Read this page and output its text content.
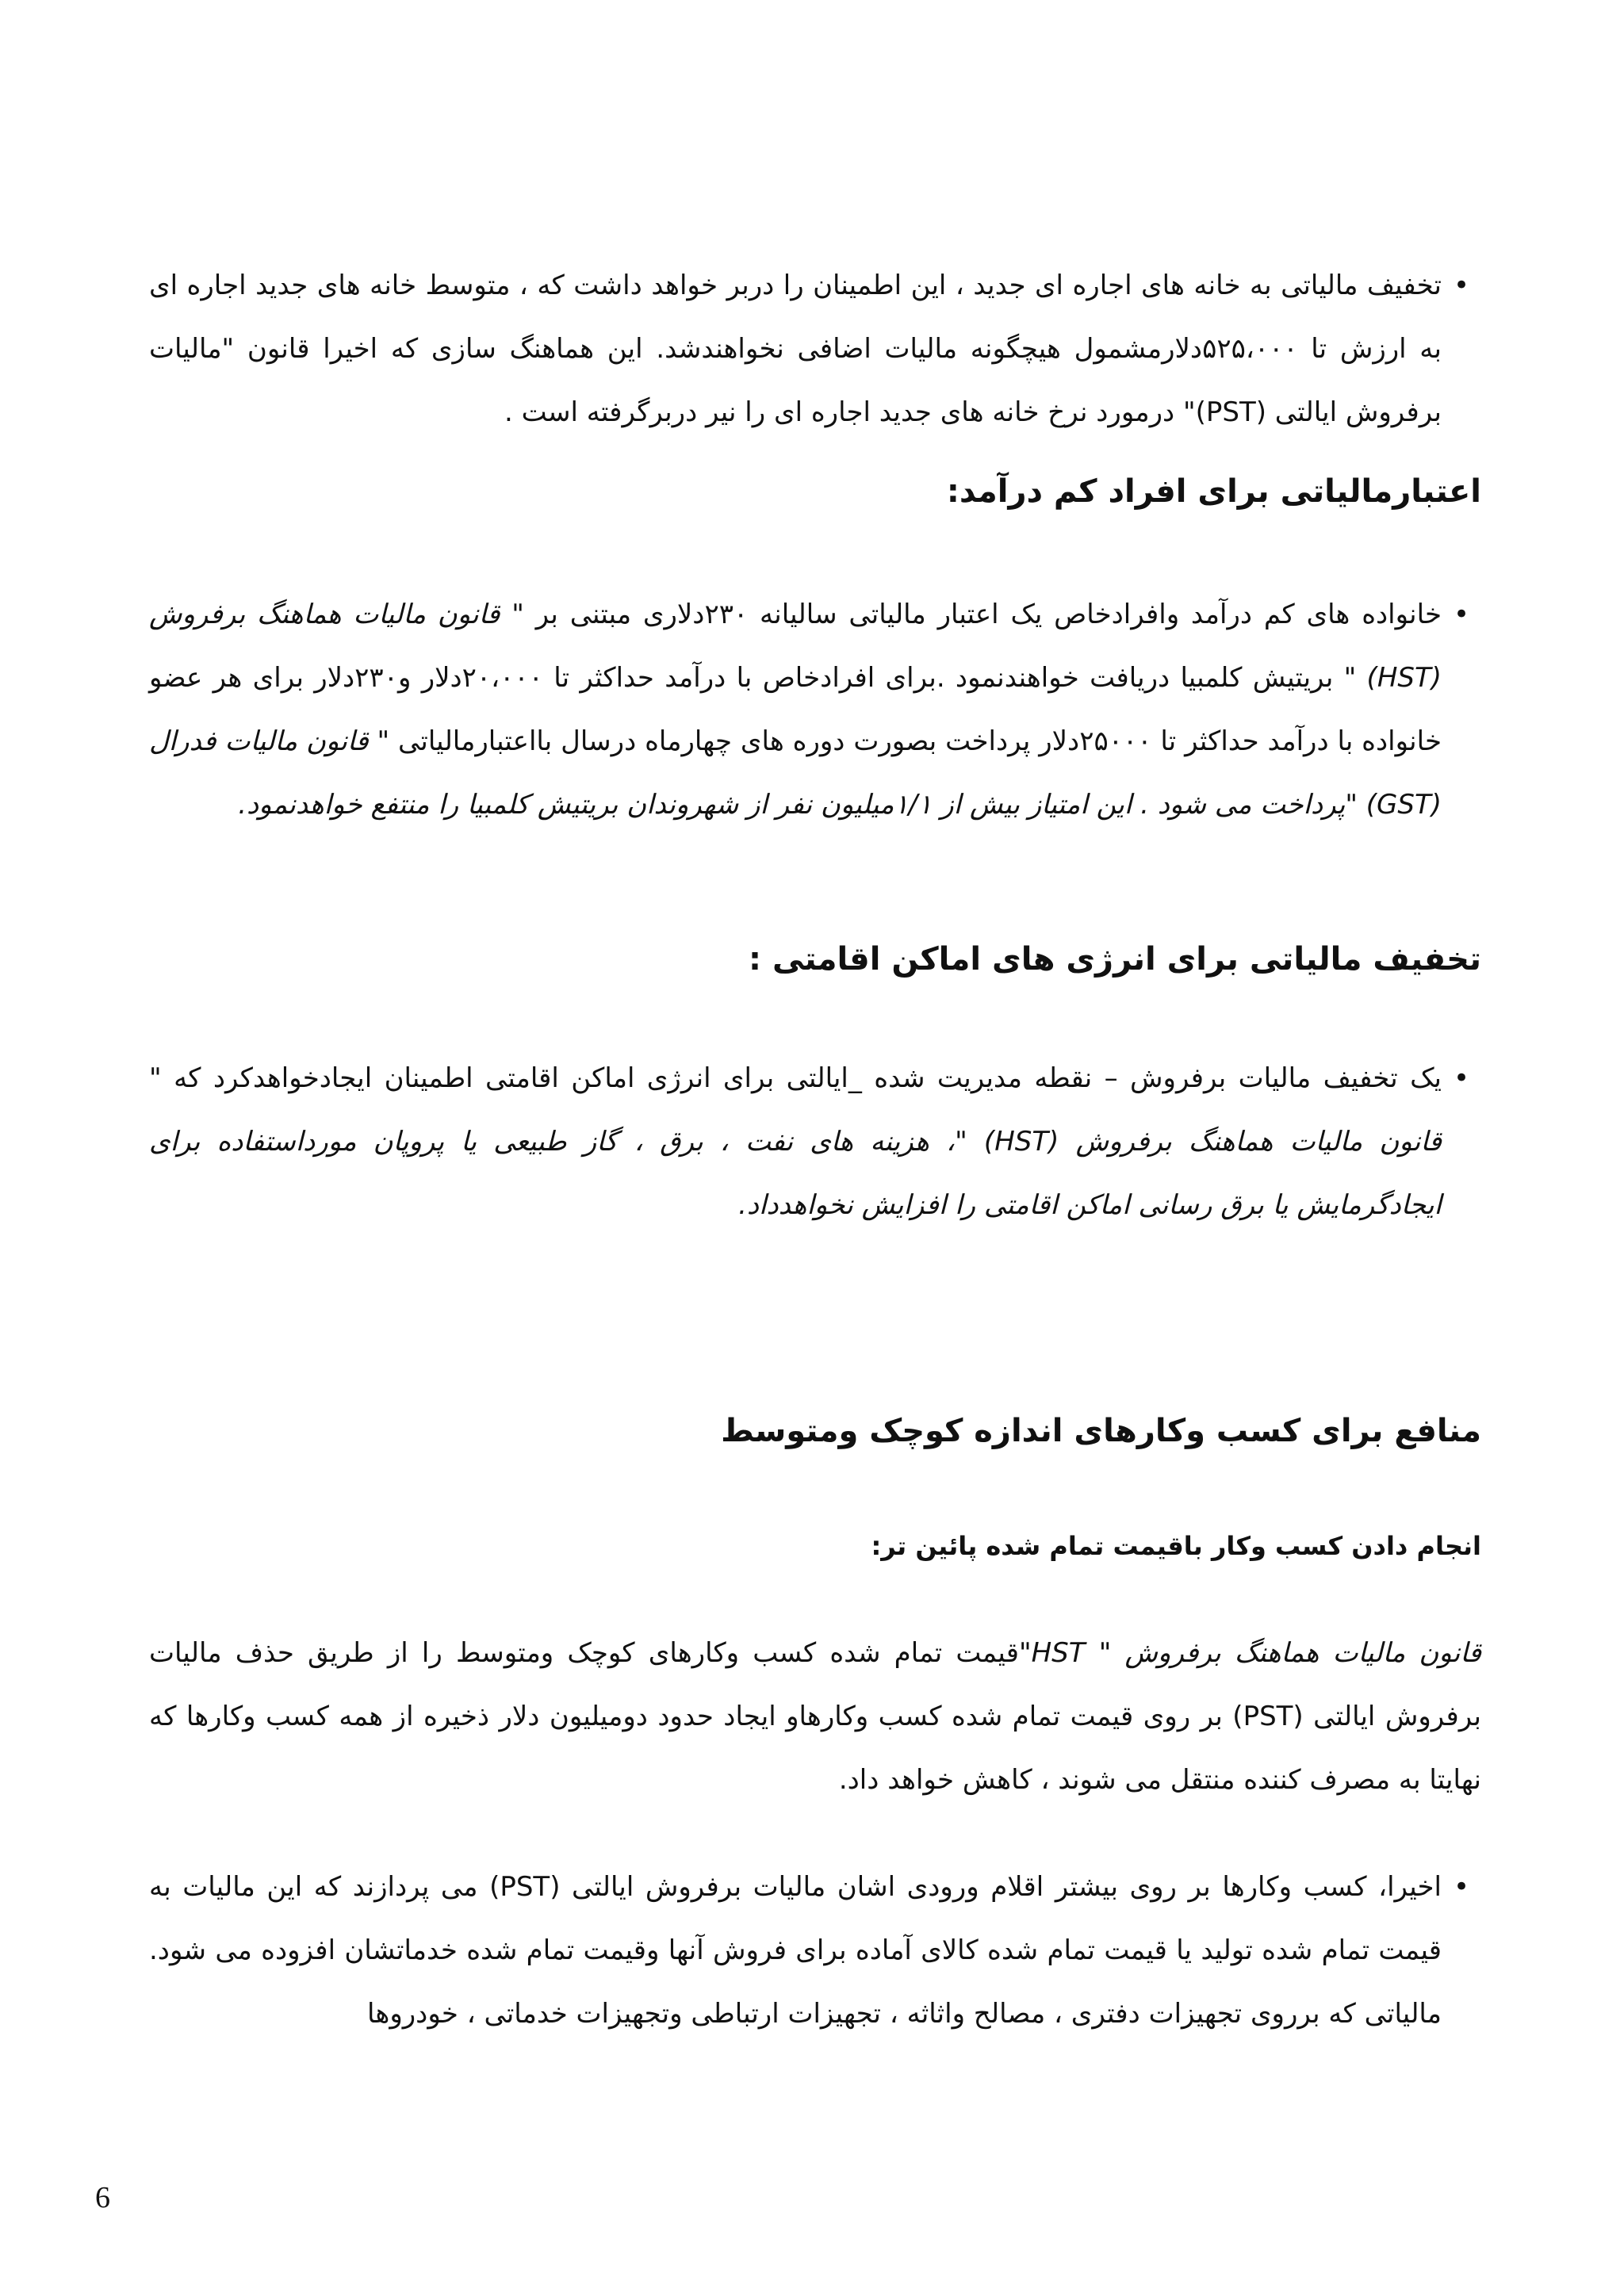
•
تخفیف مالیاتی به خانه های اجاره ای جدید ، این اطمینان را دربر خواهد داشت که ، متوسط خانه های جدید اجاره ای به ارزش تا ۵۲۵،۰۰۰دلارمشمول هیچگونه مالیات اضافی نخواهندشد. این هماهنگ سازی که اخیرا قانون "مالیات برفروش ایالتی (PST)" درمورد نرخ خانه های جدید اجاره ای را نیر دربرگرفته است .
اعتبارمالیاتی برای افراد کم درآمد:
•
خانواده های کم درآمد وافرادخاص یک اعتبار مالیاتی سالیانه ۲۳۰دلاری مبتنی بر " قانون مالیات هماهنگ برفروش (HST) " بریتیش کلمبیا دریافت خواهندنمود .برای افرادخاص با درآمد حداکثر تا ۲۰،۰۰۰دلار و۲۳۰دلار برای هر عضو خانواده با درآمد حداکثر تا ۲۵۰۰۰دلار پرداخت بصورت دوره های چهارماه درسال بااعتبارمالیاتی " قانون مالیات فدرال (GST) "پرداخت می شود . این امتیاز بیش از ۱/۱میلیون نفر از شهروندان بریتیش کلمبیا را منتفع خواهدنمود.
تخفیف مالیاتی برای انرژی های اماکن اقامتی :
•
یک تخفیف مالیات برفروش – نقطه مدیریت شده _ایالتی برای انرژی اماکن اقامتی اطمینان ایجادخواهدکرد که " قانون مالیات هماهنگ برفروش (HST) "، هزینه های نفت ، برق ، گاز طبیعی یا پروپان مورداستفاده برای ایجادگرمایش یا برق رسانی اماکن اقامتی را افزایش نخواهدداد.
منافع برای کسب وکارهای اندازه کوچک ومتوسط
انجام دادن کسب وکار باقیمت تمام شده پائین تر:

قانون مالیات هماهنگ برفروش " HST"قیمت تمام شده کسب وکارهای کوچک ومتوسط را از طریق حذف مالیات برفروش ایالتی (PST) بر روی قیمت تمام شده کسب وکارهاو ایجاد حدود دومیلیون دلار ذخیره از همه کسب وکارها که نهایتا به مصرف کننده منتقل می شوند ، کاهش خواهد داد.

•
اخیرا، کسب وکارها بر روی بیشتر اقلام ورودی اشان مالیات برفروش ایالتی (PST) می پردازند که این مالیات به قیمت تمام شده تولید یا قیمت تمام شده کالای آماده برای فروش آنها وقیمت تمام شده خدماتشان افزوده می شود. مالیاتی که برروی تجهیزات دفتری ، مصالح واثاثه ، تجهیزات ارتباطی وتجهیزات خدماتی ، خودروها
6
